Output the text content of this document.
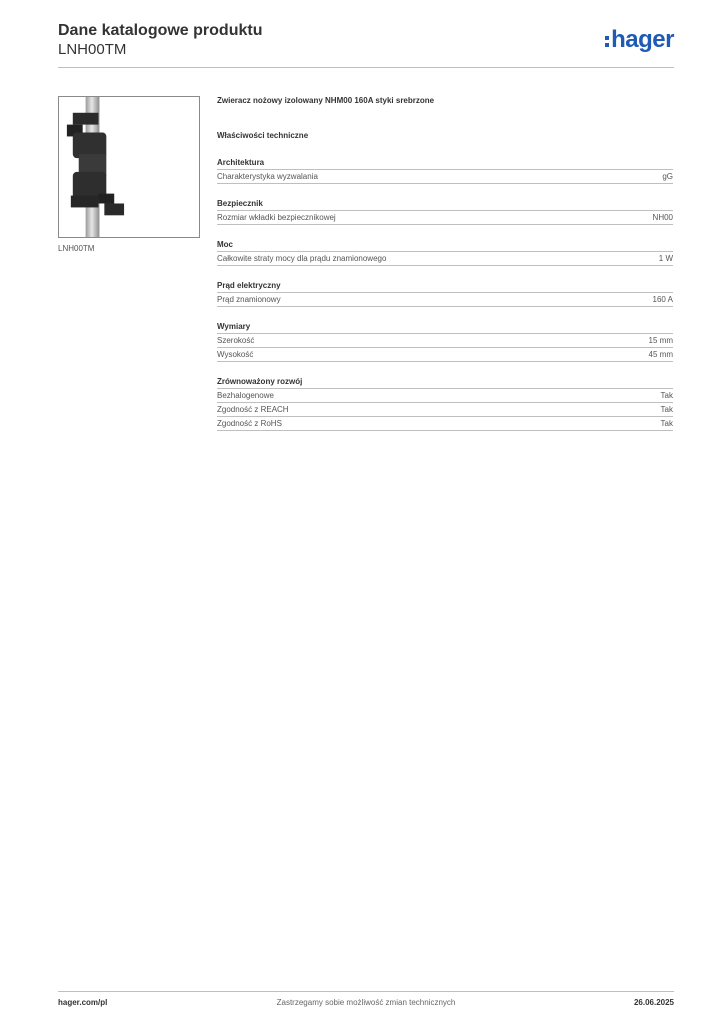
Dane katalogowe produktu
LNH00TM	hager
LNH00TM
Zwieracz nożowy izolowany NHM00 160A styki srebrzone
Właściwości techniczne
Architektura
Charakterystyka wyzwalania	gG
Bezpiecznik
Rozmiar wkładki bezpiecznikowej	NH00
Moc
Całkowite straty mocy dla prądu znamionowego	1 W
Prąd elektryczny
Prąd znamionowy	160 A
Wymiary
Szerokość	15 mm
Wysokość	45 mm
Zrównoważony rozwój
Bezhalogenowe	Tak
Zgodność z REACH	Tak
Zgodność z RoHS	Tak
hager.com/pl	Zastrzegamy sobie możliwość zmian technicznych	26.06.2025
